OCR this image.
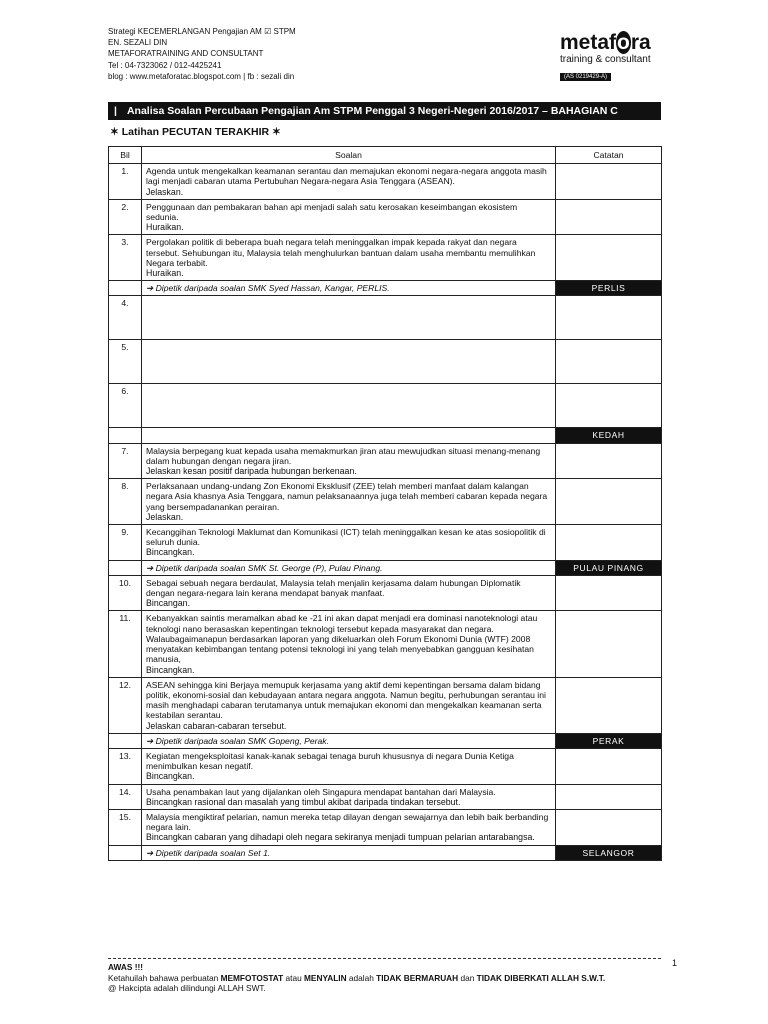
Strategi KECEMERLANGAN Pengajian AM ☑ STPM
EN. SEZALI DIN
METAFORATRAINING AND CONSULTANT
Tel : 04-7323062 / 012-4425241
blog : www.metaforatac.blogspot.com | fb : sezali din
metafora
training & consultant
(AS 0219429-A)
| Analisa Soalan Percubaan Pengajian Am STPM Penggal 3 Negeri-Negeri 2016/2017 – BAHAGIAN C
✶ Latihan PECUTAN TERAKHIR ✶
Bil	Soalan	Catatan
1.	Agenda untuk mengekalkan keamanan serantau dan memajukan ekonomi negara-negara anggota masih lagi menjadi cabaran utama Pertubuhan Negara-negara Asia Tenggara (ASEAN).
Jelaskan.	

2.	Penggunaan dan pembakaran bahan api menjadi salah satu kerosakan keseimbangan ekosistem sedunia.
Huraikan.	

3.	Pergolakan politik di beberapa buah negara telah meninggalkan impak kepada rakyat dan negara tersebut. Sehubungan itu, Malaysia telah menghulurkan bantuan dalam usaha membantu memulihkan Negara terbabit.
Huraikan.	

	➔ Dipetik daripada soalan SMK Syed Hassan, Kangar, PERLIS.	PERLIS
4.	

5.	

6.	

		KEDAH
7.	Malaysia berpegang kuat kepada usaha memakmurkan jiran atau mewujudkan situasi menang-menang dalam hubungan dengan negara jiran.
Jelaskan kesan positif daripada hubungan berkenaan.	

8.	Perlaksanaan undang-undang Zon Ekonomi Eksklusif (ZEE) telah memberi manfaat dalam kalangan negara Asia khasnya Asia Tenggara, namun pelaksanaannya juga telah memberi cabaran kepada negara yang bersempadanankan perairan.
Jelaskan.	

9.	Kecanggihan Teknologi Maklumat dan Komunikasi (ICT) telah meninggalkan kesan ke atas sosiopolitik di seluruh dunia.
Bincangkan.	

	➔ Dipetik daripada soalan SMK St. George (P), Pulau Pinang.	PULAU PINANG
10.	Sebagai sebuah negara berdaulat, Malaysia telah menjalin kerjasama dalam hubungan Diplomatik dengan negara-negara lain kerana mendapat banyak manfaat.
Bincangan.	

11.	Kebanyakkan saintis meramalkan abad ke -21 ini akan dapat menjadi era dominasi nanoteknologi atau teknologi nano berasaskan kepentingan teknologi tersebut kepada masyarakat dan negara. Walaubagaimanapun berdasarkan laporan yang dikeluarkan oleh Forum Ekonomi Dunia (WTF) 2008 menyatakan kebimbangan tentang potensi teknologi ini yang telah menyebabkan gangguan kesihatan manusia,
Bincangkan.	

12.	ASEAN sehingga kini Berjaya memupuk kerjasama yang aktif demi kepentingan bersama dalam bidang politik, ekonomi-sosial dan kebudayaan antara negara anggota. Namun begitu, perhubungan serantau ini masih menghadapi cabaran terutamanya untuk memajukan ekonomi dan mengekalkan keamanan serta kestabilan serantau.
Jelaskan cabaran-cabaran tersebut.	

	➔ Dipetik daripada soalan SMK Gopeng, Perak.	PERAK
13.	Kegiatan mengeksploitasi kanak-kanak sebagai tenaga buruh khususnya di negara Dunia Ketiga menimbulkan kesan negatif.
Bincangkan.	

14.	Usaha penambakan laut yang dijalankan oleh Singapura mendapat bantahan dari Malaysia.
Bincangkan rasional dan masalah yang timbul akibat daripada tindakan tersebut.	

15.	Malaysia mengiktiraf pelarian, namun mereka tetap dilayan dengan sewajarnya dan lebih baik berbanding negara lain.
Bincangkan cabaran yang dihadapi oleh negara sekiranya menjadi tumpuan pelarian antarabangsa.	

	➔ Dipetik daripada soalan Set 1.	SELANGOR
AWAS !!!
Ketahuilah bahawa perbuatan MEMFOTOSTAT atau MENYALIN adalah TIDAK BERMARUAH dan TIDAK DIBERKATI ALLAH S.W.T.
@ Hakcipta adalah dilindungi ALLAH SWT.
1
